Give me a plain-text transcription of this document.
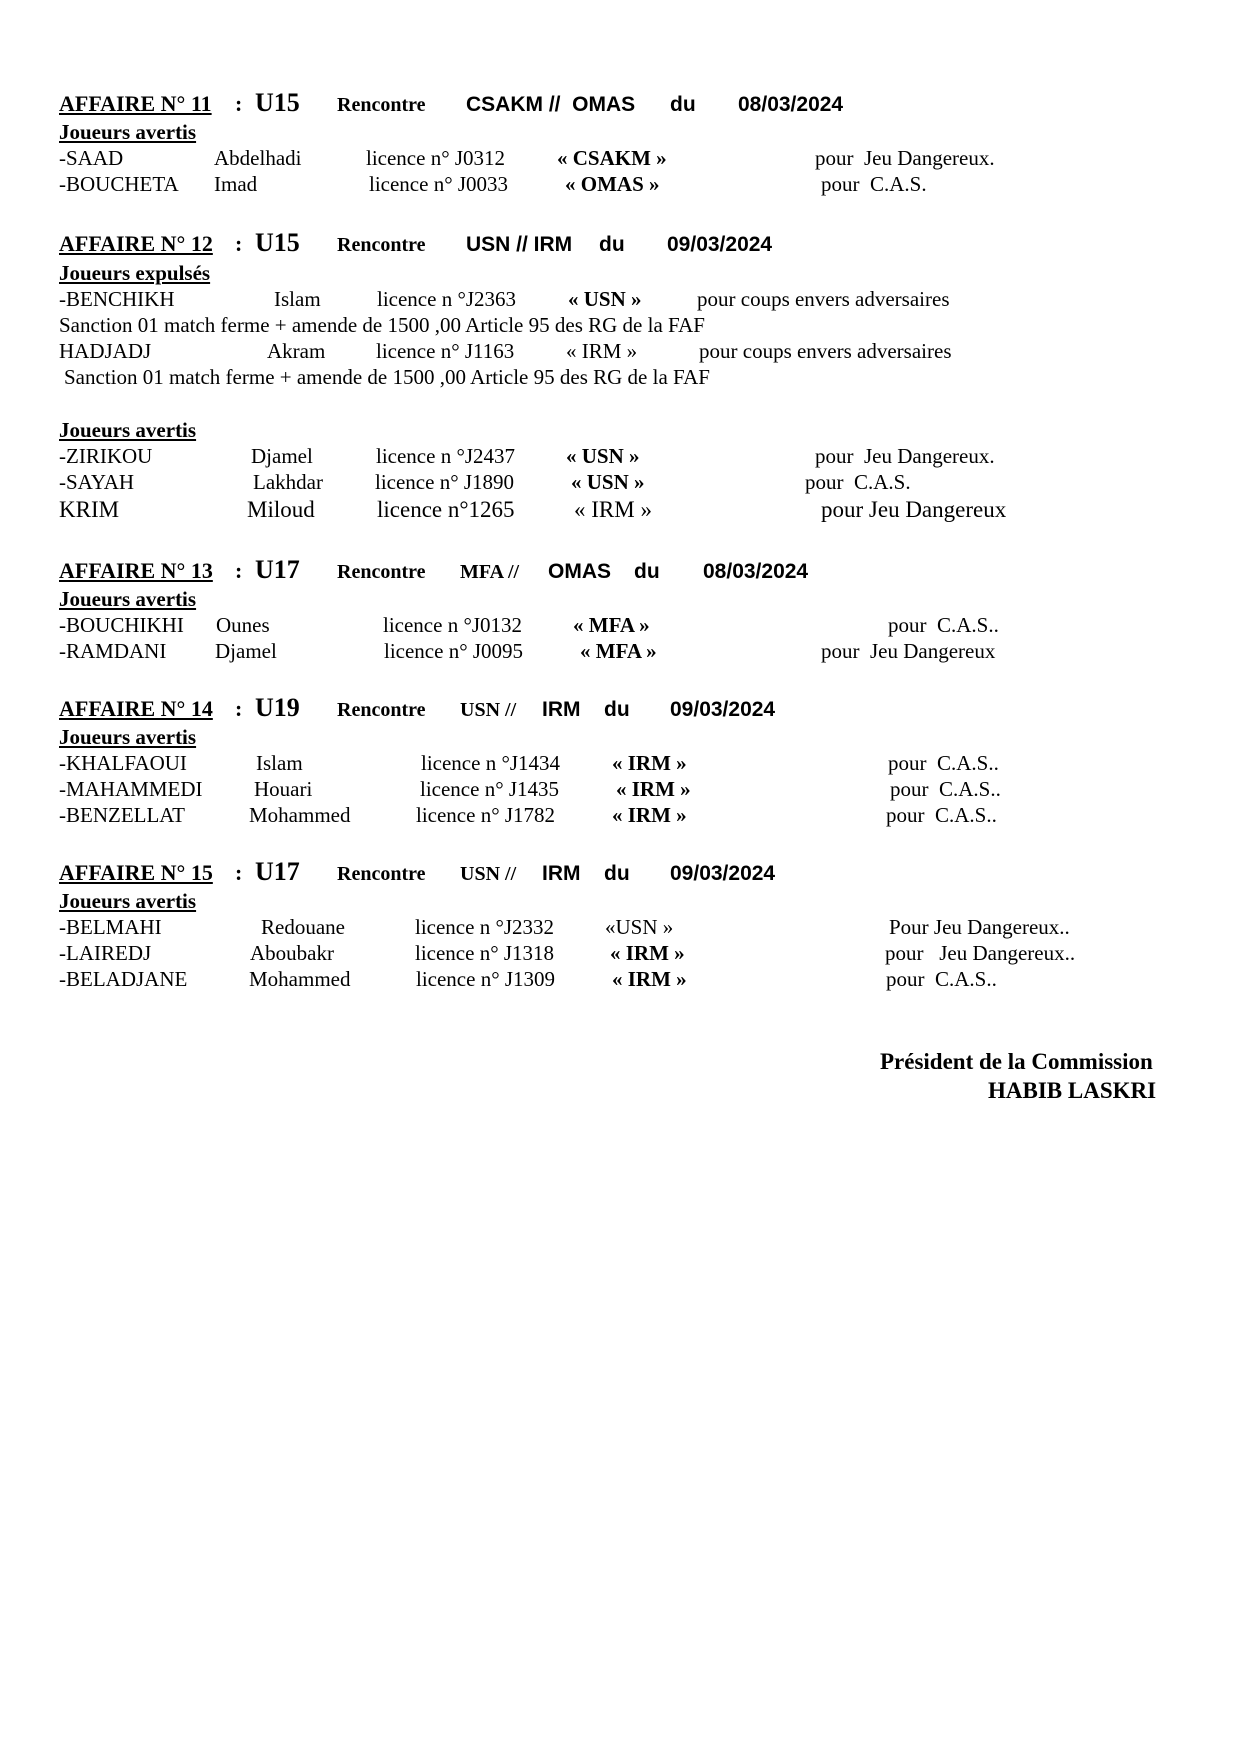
AFFAIRE N° 11 : U15 Rencontre CSAKM //  OMAS du 08/03/2024
Joueurs avertis
-SAAD	Abdelhadi	licence n° J0312 « CSAKM »	pour  Jeu Dangereux.
-BOUCHETA Imad	licence n° J0033	« OMAS »	pour  C.A.S.
AFFAIRE N° 12 : U15 Rencontre USN // IRM du 09/03/2024
Joueurs expulsés
-BENCHIKH	Islam	licence n °J2363 « USN »	pour coups envers adversaires
Sanction 01 match ferme + amende de 1500 ,00 Article 95 des RG de la FAF
HADJADJ	Akram licence n° J1163 « IRM »	pour coups envers adversaires
Sanction 01 match ferme + amende de 1500 ,00 Article 95 des RG de la FAF
Joueurs avertis
-ZIRIKOU	Djamel	licence n °J2437 « USN »	pour  Jeu Dangereux.
-SAYAH	Lakhdar licence n° J1890	« USN »	pour  C.A.S.
KRIM	Miloud	licence n°1265	« IRM »	pour Jeu Dangereux
AFFAIRE N° 13 : U17 Rencontre MFA // OMAS du 08/03/2024
Joueurs avertis
-BOUCHIKHI Ounes	licence n °J0132 « MFA »	pour  C.A.S..
-RAMDANI Djamel	licence n° J0095	« MFA »	pour  Jeu Dangereux
AFFAIRE N° 14 : U19 Rencontre USN // IRM du 09/03/2024
Joueurs avertis
-KHALFAOUI	Islam	licence n °J1434 « IRM »	pour  C.A.S..
-MAHAMMEDI Houari	licence n° J1435	« IRM »	pour  C.A.S..
-BENZELLAT	Mohammed	licence n° J1782	« IRM »	pour  C.A.S..
AFFAIRE N° 15 : U17 Rencontre USN // IRM du 09/03/2024
Joueurs avertis
-BELMAHI	Redouane	licence n °J2332 «USN »	Pour Jeu Dangereux..
-LAIREDJ	Aboubakr	licence n° J1318	« IRM »	pour   Jeu Dangereux..
-BELADJANE	Mohammed	licence n° J1309	« IRM »	pour  C.A.S..
Président de la Commission
HABIB LASKRI
